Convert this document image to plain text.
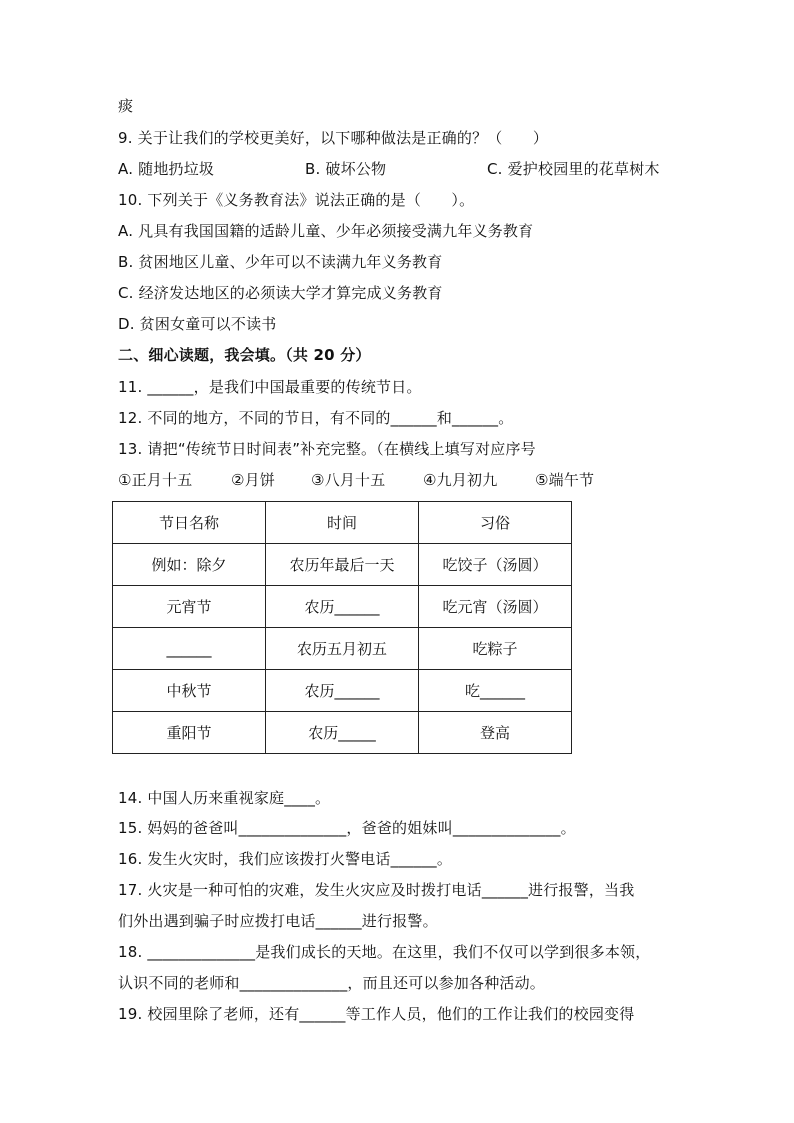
痰
9. 关于让我们的学校更美好，以下哪种做法是正确的？（　　）
A. 随地扔垃圾	B. 破坏公物	C. 爱护校园里的花草树木
10. 下列关于《义务教育法》说法正确的是（　　）。
A. 凡具有我国国籍的适龄儿童、少年必须接受满九年义务教育
B. 贫困地区儿童、少年可以不读满九年义务教育
C. 经济发达地区的必须读大学才算完成义务教育
D. 贫困女童可以不读书
二、细心读题，我会填。（共 20 分）
11. ______，是我们中国最重要的传统节日。
12. 不同的地方，不同的节日，有不同的______和______。
13. 请把“传统节日时间表”补充完整。（在横线上填写对应序号
①正月十五	②月饼 ③八月十五	④九月初九	⑤端午节
节日名称	时间	习俗
例如：除夕	农历年最后一天	吃饺子（汤圆）
元宵节	农历______	吃元宵（汤圆）
______	农历五月初五	吃粽子
中秋节	农历______	吃______
重阳节	农历_____	登高
14. 中国人历来重视家庭____。
15. 妈妈的爸爸叫______________，爸爸的姐妹叫______________。
16. 发生火灾时，我们应该拨打火警电话______。
17. 火灾是一种可怕的灾难，发生火灾应及时拨打电话______进行报警，当我
们外出遇到骗子时应拨打电话______进行报警。
18. ______________是我们成长的天地。在这里，我们不仅可以学到很多本领，
认识不同的老师和______________，而且还可以参加各种活动。
19. 校园里除了老师，还有______等工作人员，他们的工作让我们的校园变得
